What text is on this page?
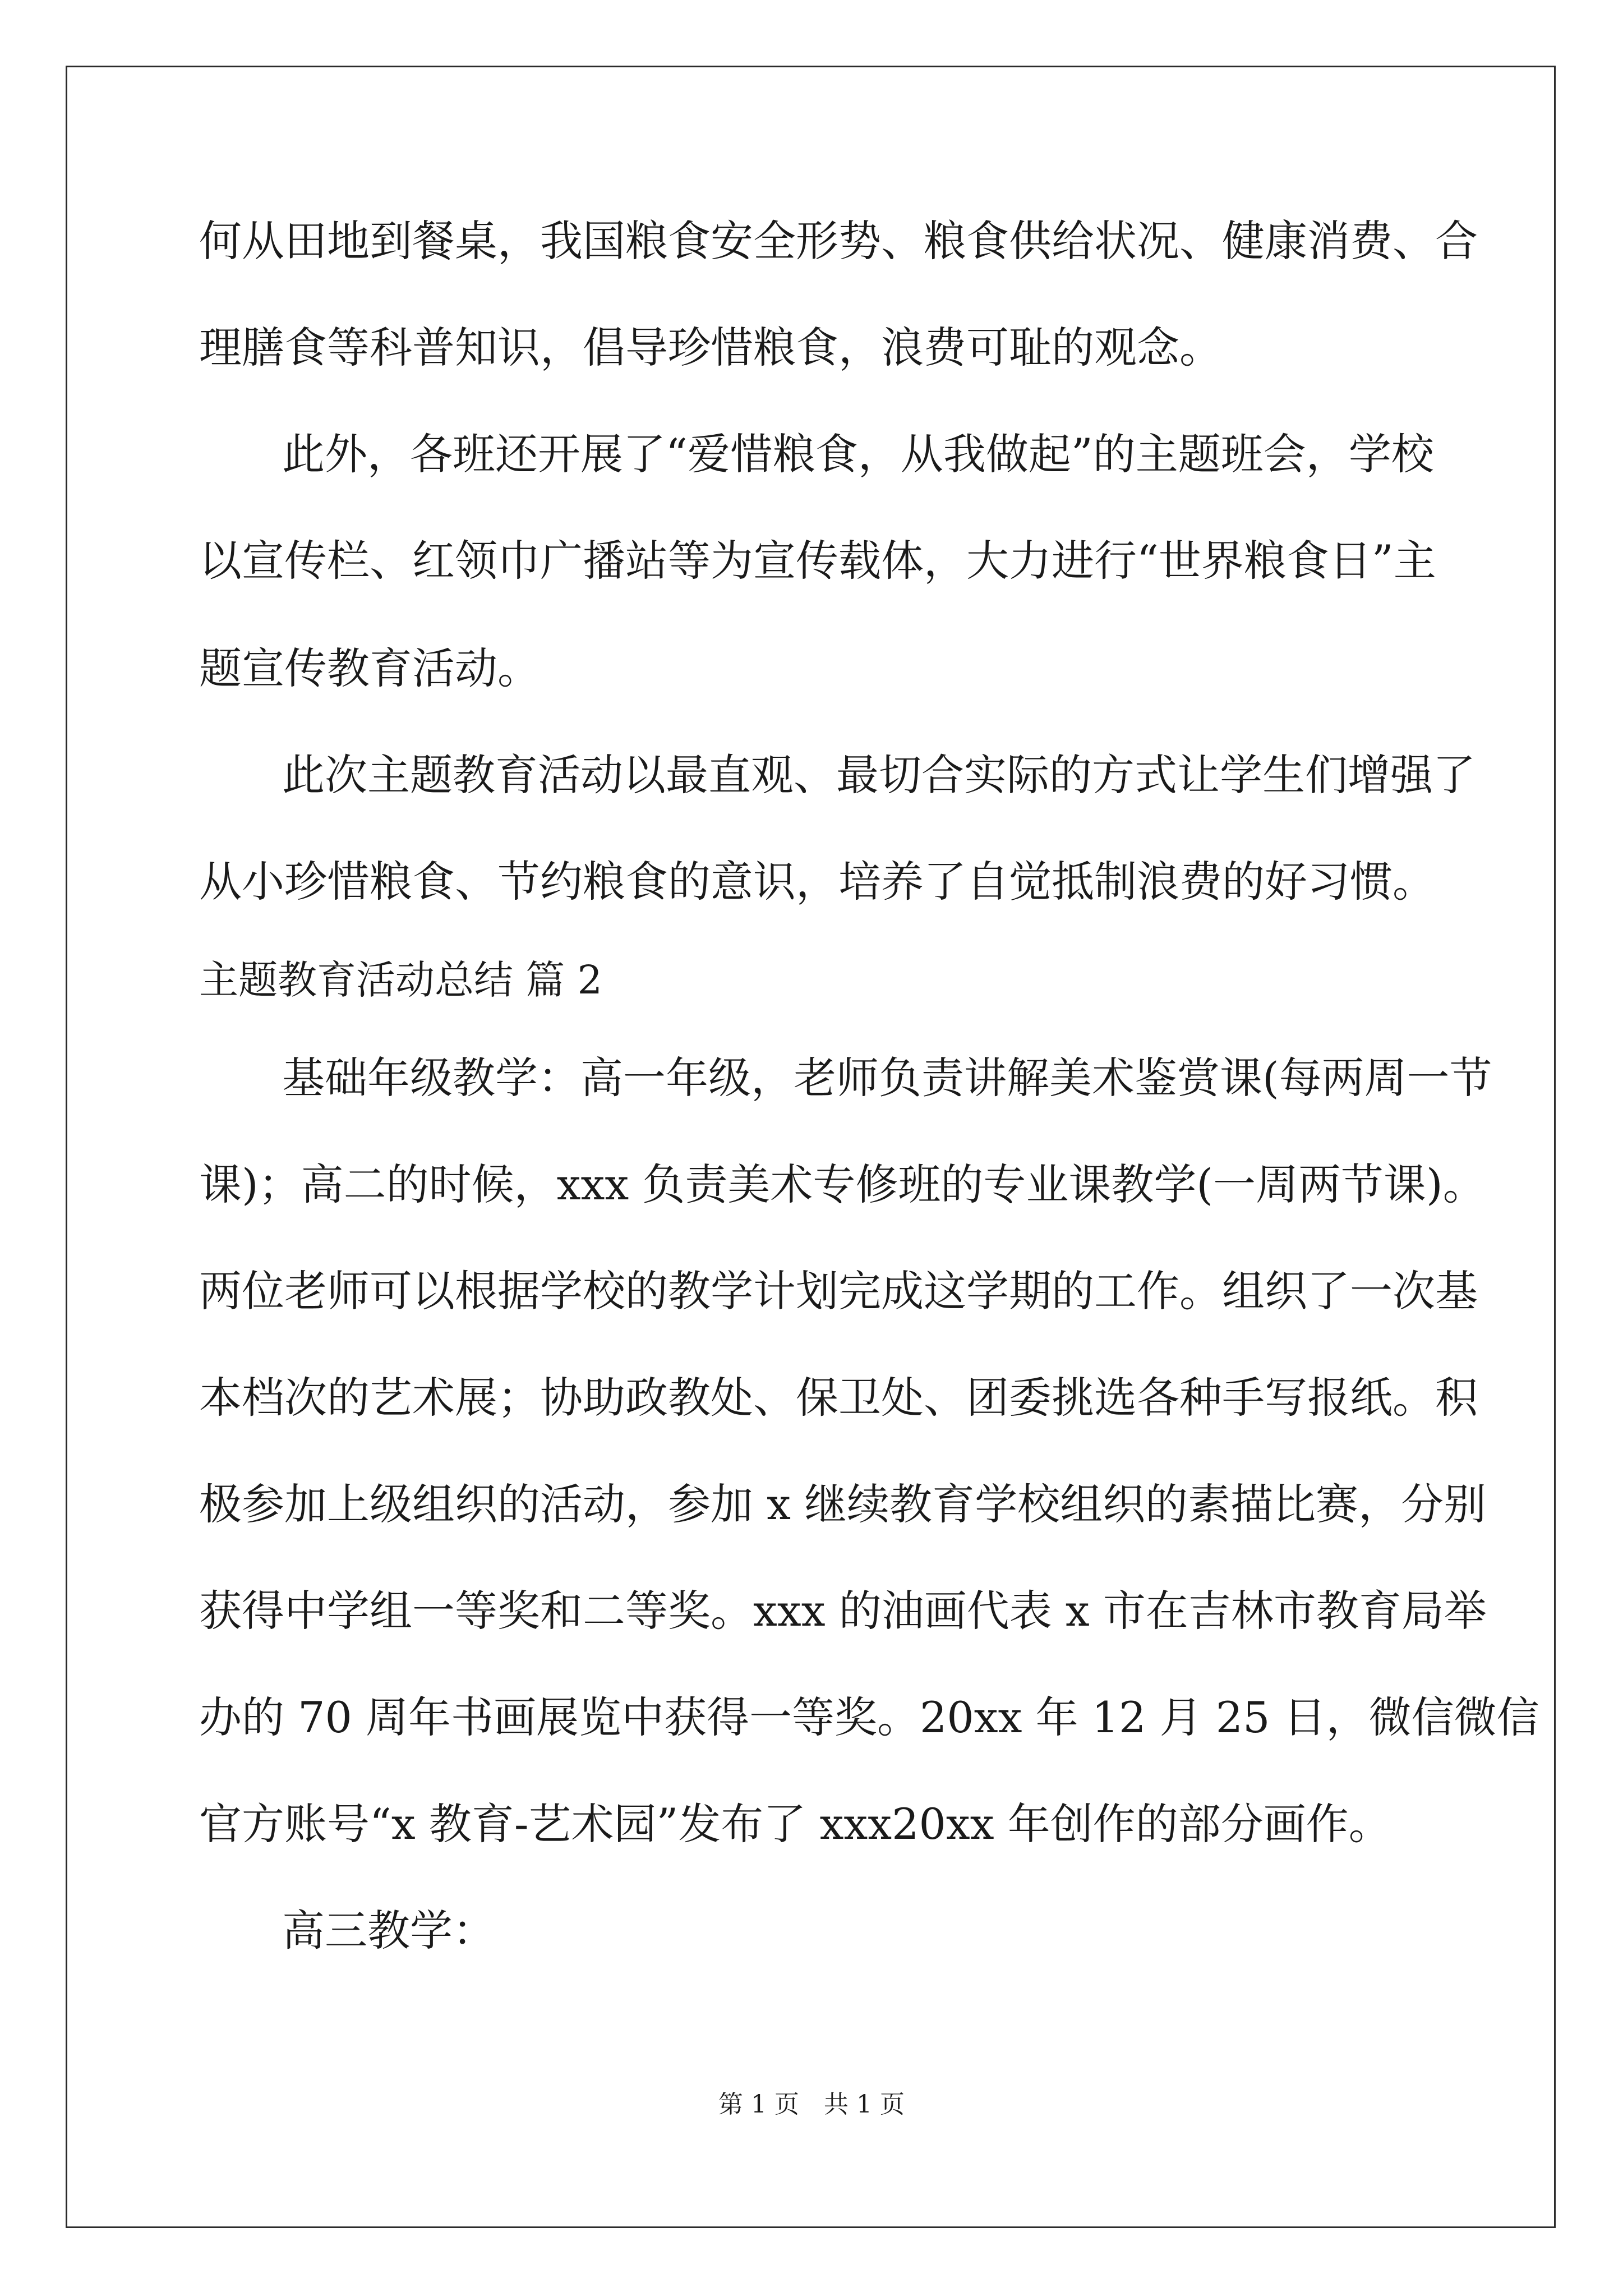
何从田地到餐桌，我国粮食安全形势、粮食供给状况、健康消费、合
理膳食等科普知识，倡导珍惜粮食，浪费可耻的观念。
此外，各班还开展了“爱惜粮食，从我做起”的主题班会，学校
以宣传栏、红领巾广播站等为宣传载体，大力进行“世界粮食日”主
题宣传教育活动。
此次主题教育活动以最直观、最切合实际的方式让学生们增强了
从小珍惜粮食、节约粮食的意识，培养了自觉抵制浪费的好习惯。
主题教育活动总结 篇 2
基础年级教学：高一年级，老师负责讲解美术鉴赏课(每两周一节
课)；高二的时候，xxx 负责美术专修班的专业课教学(一周两节课)。
两位老师可以根据学校的教学计划完成这学期的工作。组织了一次基
本档次的艺术展；协助政教处、保卫处、团委挑选各种手写报纸。积
极参加上级组织的活动，参加 x 继续教育学校组织的素描比赛，分别
获得中学组一等奖和二等奖。xxx 的油画代表 x 市在吉林市教育局举
办的 70 周年书画展览中获得一等奖。20xx 年 12 月 25 日，微信微信
官方账号“x 教育-艺术园”发布了 xxx20xx 年创作的部分画作。
高三教学：
第 1 页　共 1 页
